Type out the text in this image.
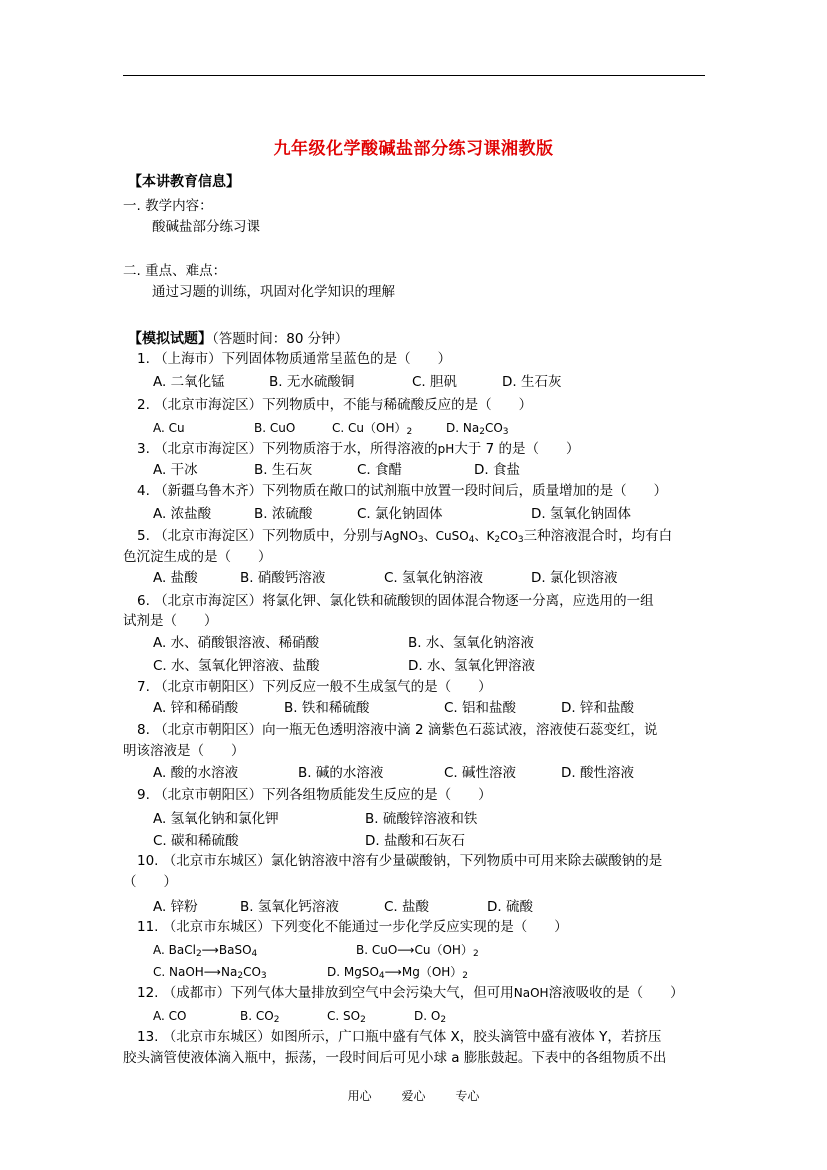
九年级化学酸碱盐部分练习课湘教版
【本讲教育信息】
一. 教学内容：
酸碱盐部分练习课
二. 重点、难点：
通过习题的训练，巩固对化学知识的理解
【模拟试题】（答题时间：80 分钟）
1. （上海市）下列固体物质通常呈蓝色的是（　　）
A. 二氧化锰	B. 无水硫酸铜	C. 胆矾	D. 生石灰
2. （北京市海淀区）下列物质中，不能与稀硫酸反应的是（　　）
A. Cu	B. CuO	C. $Cu(OH)_2$	D. $Na_2CO_3$
3. （北京市海淀区）下列物质溶于水，所得溶液的pH大于 7 的是（　　）
A. 干冰	B. 生石灰	C. 食醋	D. 食盐
4. （新疆乌鲁木齐）下列物质在敞口的试剂瓶中放置一段时间后，质量增加的是（　　）
A. 浓盐酸	B. 浓硫酸	C. 氯化钠固体	D. 氢氧化钠固体
5. （北京市海淀区）下列物质中，分别与AgNO$_3$、CuSO$_4$、$K_2CO_3$三种溶液混合时，均有白
色沉淀生成的是（　　）
A. 盐酸	B. 硝酸钙溶液	C. 氢氧化钠溶液	D. 氯化钡溶液
6. （北京市海淀区）将氯化钾、氯化铁和硫酸钡的固体混合物逐一分离，应选用的一组
试剂是（　　）
A. 水、硝酸银溶液、稀硝酸	B. 水、氢氧化钠溶液
C. 水、氢氧化钾溶液、盐酸	D. 水、氢氧化钾溶液
7. （北京市朝阳区）下列反应一般不生成氢气的是（　　）
A. 锌和稀硝酸	B. 铁和稀硫酸	C. 铝和盐酸	D. 锌和盐酸
8. （北京市朝阳区）向一瓶无色透明溶液中滴 2 滴紫色石蕊试液，溶液使石蕊变红，说
明该溶液是（　　）
A. 酸的水溶液	B. 碱的水溶液	C. 碱性溶液	D. 酸性溶液
9. （北京市朝阳区）下列各组物质能发生反应的是（　　）
A. 氢氧化钠和氯化钾	B. 硫酸锌溶液和铁
C. 碳和稀硫酸	D. 盐酸和石灰石
10. （北京市东城区）氯化钠溶液中溶有少量碳酸钠，下列物质中可用来除去碳酸钠的是
（　　）
A. 锌粉	B. 氢氧化钙溶液	C. 盐酸	D. 硫酸
11. （北京市东城区）下列变化不能通过一步化学反应实现的是（　　）
A. BaCl$_2$⟶BaSO$_4$	B. $CuO⟶Cu(OH)_2$
C. $NaOH⟶Na_2CO_3$	D. $MgSO_4⟶Mg(OH)_2$
12. （成都市）下列气体大量排放到空气中会污染大气，但可用NaOH溶液吸收的是（　　）
A. CO	B. $CO_2$	C. $SO_2$	D. $O_2$
13. （北京市东城区）如图所示，广口瓶中盛有气体 X，胶头滴管中盛有液体 Y，若挤压
胶头滴管使液体滴入瓶中，振荡，一段时间后可见小球 a 膨胀鼓起。下表中的各组物质不出
用心 爱心 专心
